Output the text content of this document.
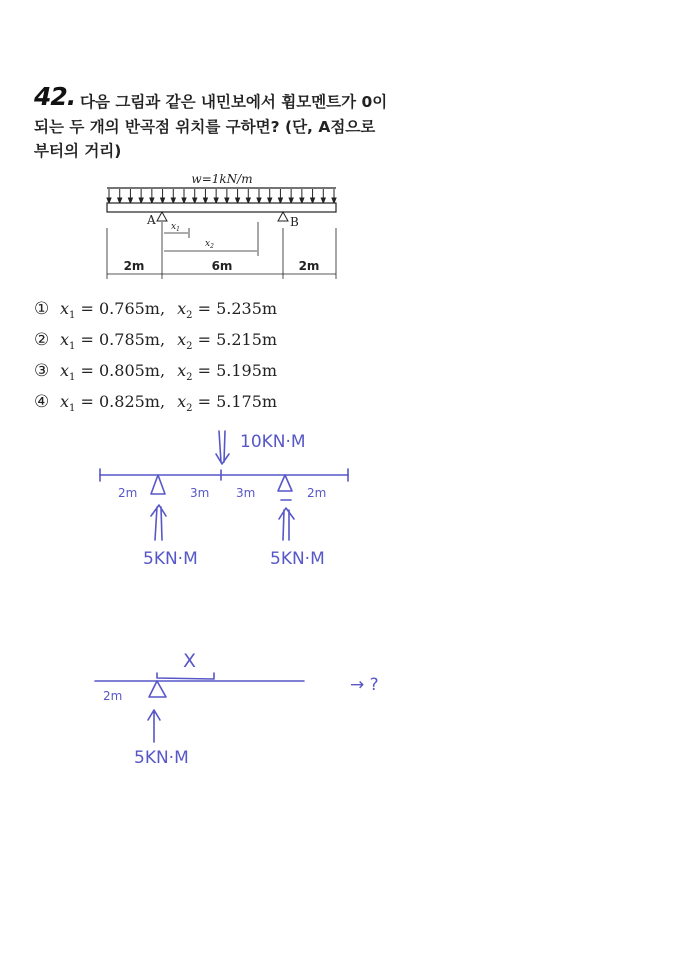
42. 다음 그림과 같은 내민보에서 휨모멘트가 0이
되는 두 개의 반곡점 위치를 구하면? (단, A점으로
부터의 거리)
w=1kN/m
A	B
$x_1$
$x_2$
2m	6m	2m
10KN·M
2m	3m 3m	2m
5KN·M	5KN·M
X
2m
5KN·M
→ ?
① $x_1 = 0.765m$, $x_2 = 5.235m$
② $x_1 = 0.785m$, $x_2 = 5.215m$
③ $x_1 = 0.805m$, $x_2 = 5.195m$
④ $x_1 = 0.825m$, $x_2 = 5.175m$
